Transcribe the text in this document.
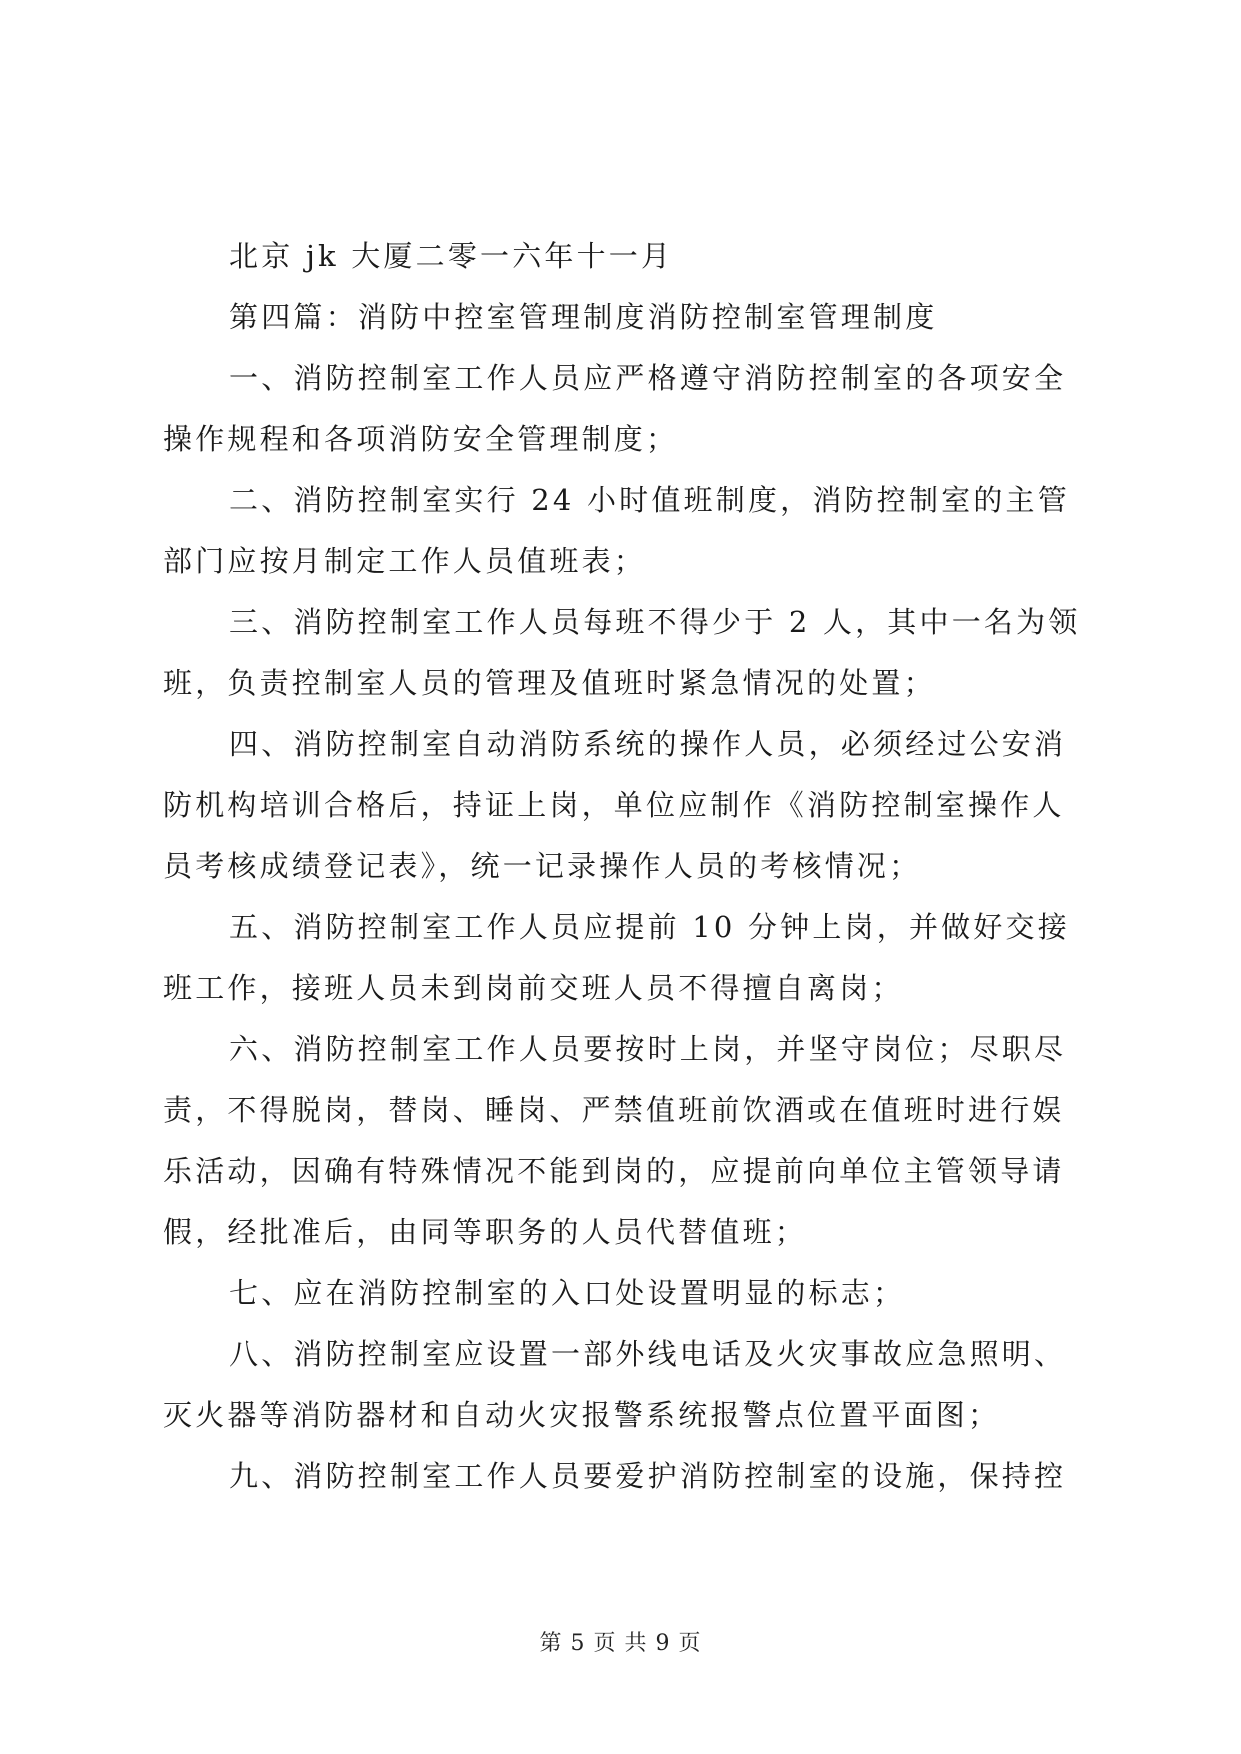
北京 jk 大厦二零一六年十一月
第四篇：消防中控室管理制度消防控制室管理制度
一、消防控制室工作人员应严格遵守消防控制室的各项安全
操作规程和各项消防安全管理制度；
二、消防控制室实行 24 小时值班制度，消防控制室的主管
部门应按月制定工作人员值班表；
三、消防控制室工作人员每班不得少于 2 人，其中一名为领
班，负责控制室人员的管理及值班时紧急情况的处置；
四、消防控制室自动消防系统的操作人员，必须经过公安消
防机构培训合格后，持证上岗，单位应制作《消防控制室操作人
员考核成绩登记表》，统一记录操作人员的考核情况；
五、消防控制室工作人员应提前 10 分钟上岗，并做好交接
班工作，接班人员未到岗前交班人员不得擅自离岗；
六、消防控制室工作人员要按时上岗，并坚守岗位；尽职尽
责，不得脱岗，替岗、睡岗、严禁值班前饮酒或在值班时进行娱
乐活动，因确有特殊情况不能到岗的，应提前向单位主管领导请
假，经批准后，由同等职务的人员代替值班；
七、应在消防控制室的入口处设置明显的标志；
八、消防控制室应设置一部外线电话及火灾事故应急照明、
灭火器等消防器材和自动火灾报警系统报警点位置平面图；
九、消防控制室工作人员要爱护消防控制室的设施，保持控
第 5 页 共 9 页
